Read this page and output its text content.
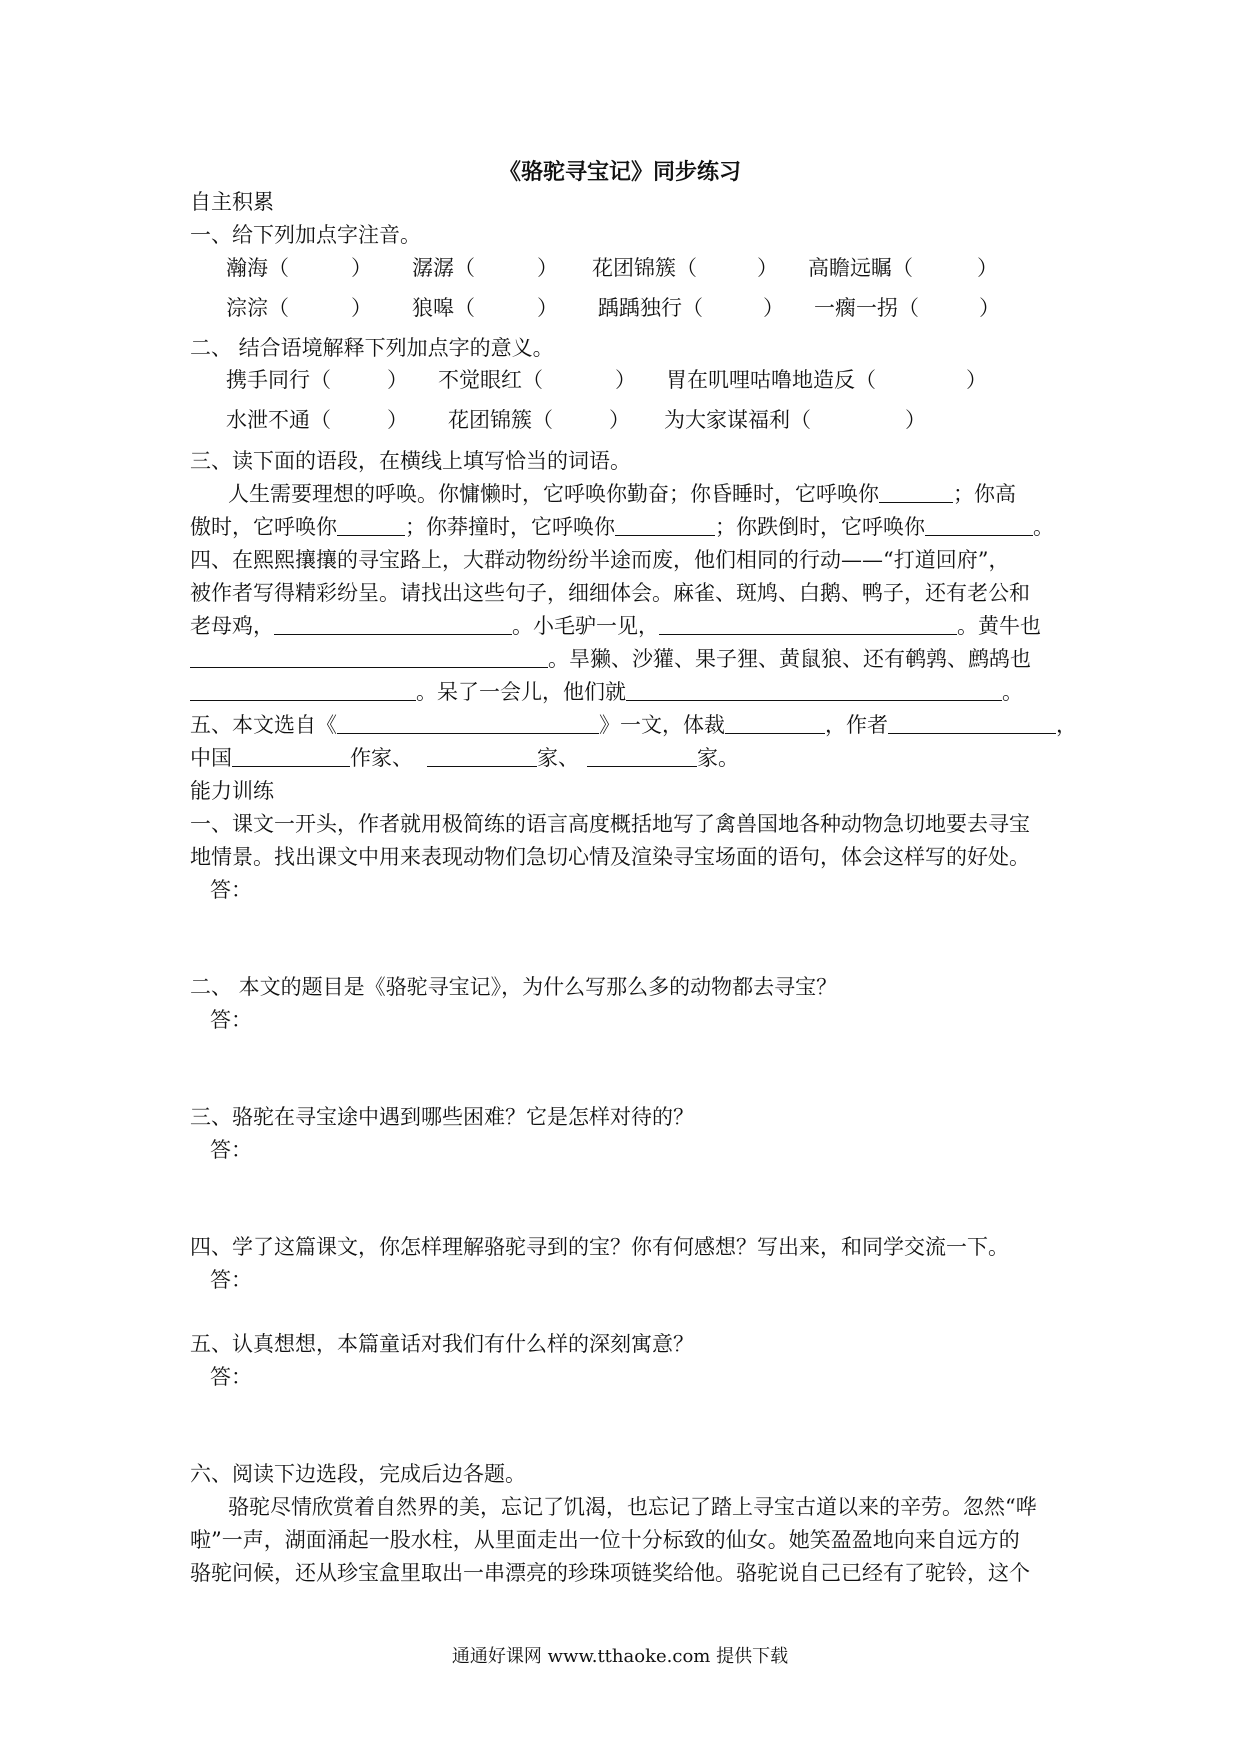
《骆驼寻宝记》同步练习
自主积累
一、给下列加点字注音。
瀚海（	） 潺潺（	） 花团锦簇（	） 高瞻远瞩（	）
淙淙（	） 狼嗥（	） 踽踽独行（	） 一瘸一拐（	）
二、 结合语境解释下列加点字的意义。
携手同行（	） 不觉眼红（	） 胃在叽哩咕噜地造反（	）
水泄不通（	） 花团锦簇（	） 为大家谋福利（	）
三、读下面的语段，在横线上填写恰当的词语。
人生需要理想的呼唤。你慵懒时，它呼唤你勤奋；你昏睡时，它呼唤你	；你高
傲时，它呼唤你	；你莽撞时，它呼唤你	；你跌倒时，它呼唤你	。
四、在熙熙攘攘的寻宝路上，大群动物纷纷半途而废，他们相同的行动——“打道回府”，
被作者写得精彩纷呈。请找出这些句子，细细体会。麻雀、斑鸠、白鹅、鸭子，还有老公和
老母鸡，	。小毛驴一见，	。黄牛也
。旱獭、沙獾、果子狸、黄鼠狼、还有鹌鹑、鹧鸪也
。呆了一会儿，他们就	。
五、本文选自《	》一文，体裁	，作者	，
中国	作家、	家、	家。
能力训练
一、课文一开头，作者就用极简练的语言高度概括地写了禽兽国地各种动物急切地要去寻宝
地情景。找出课文中用来表现动物们急切心情及渲染寻宝场面的语句，体会这样写的好处。
答：
二、 本文的题目是《骆驼寻宝记》，为什么写那么多的动物都去寻宝？
答：
三、骆驼在寻宝途中遇到哪些困难？它是怎样对待的？
答：
四、学了这篇课文，你怎样理解骆驼寻到的宝？你有何感想？写出来，和同学交流一下。
答：
五、认真想想，本篇童话对我们有什么样的深刻寓意？
答：
六、阅读下边选段，完成后边各题。
骆驼尽情欣赏着自然界的美，忘记了饥渴，也忘记了踏上寻宝古道以来的辛劳。忽然“哗
啦”一声，湖面涌起一股水柱，从里面走出一位十分标致的仙女。她笑盈盈地向来自远方的
骆驼问候，还从珍宝盒里取出一串漂亮的珍珠项链奖给他。骆驼说自己已经有了驼铃，这个
通通好课网 www.tthaoke.com 提供下载
